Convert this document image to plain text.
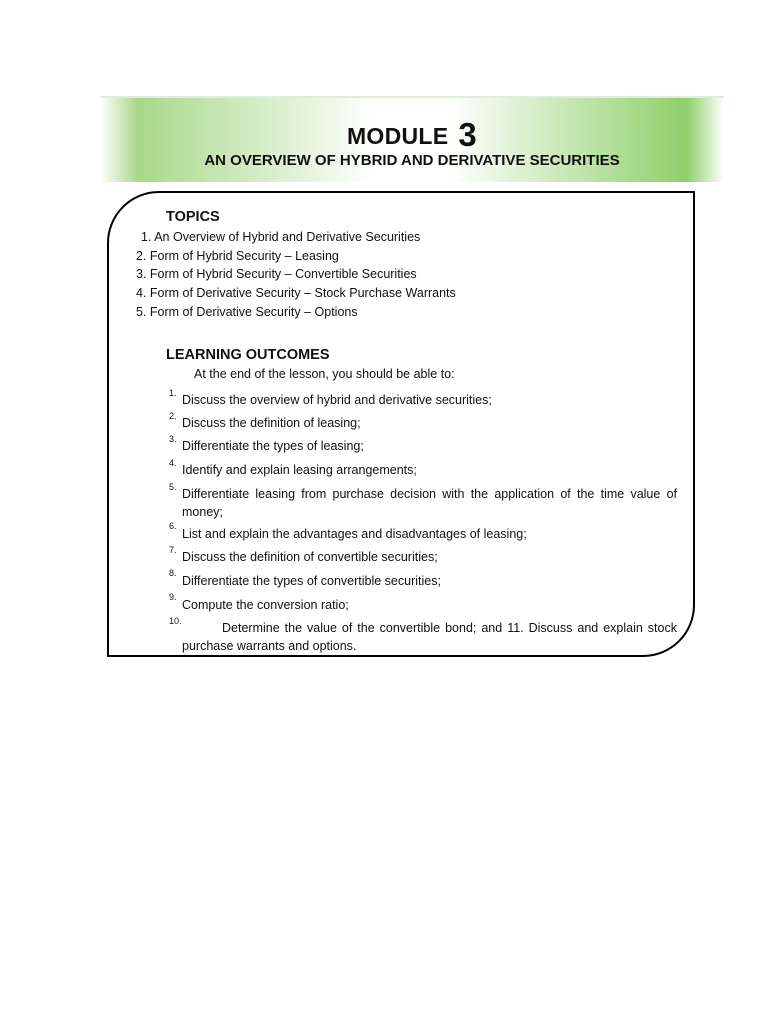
MODULE 3
AN OVERVIEW OF HYBRID AND DERIVATIVE SECURITIES
TOPICS
1. An Overview of Hybrid and Derivative Securities
2. Form of Hybrid Security – Leasing
3. Form of Hybrid Security – Convertible Securities
4. Form of Derivative Security – Stock Purchase Warrants
5. Form of Derivative Security – Options
LEARNING OUTCOMES
At the end of the lesson, you should be able to:
1. Discuss the overview of hybrid and derivative securities;
2. Discuss the definition of leasing;
3. Differentiate the types of leasing;
4. Identify and explain leasing arrangements;
5. Differentiate leasing from purchase decision with the application of the time value of money;
6.
List and explain the advantages and disadvantages of leasing;
7. Discuss the definition of convertible securities;
8.
Differentiate the types of convertible securities;
9.
Compute the conversion ratio;
10.	Determine the value of the convertible bond; and 11. Discuss and explain stock purchase warrants and options.
